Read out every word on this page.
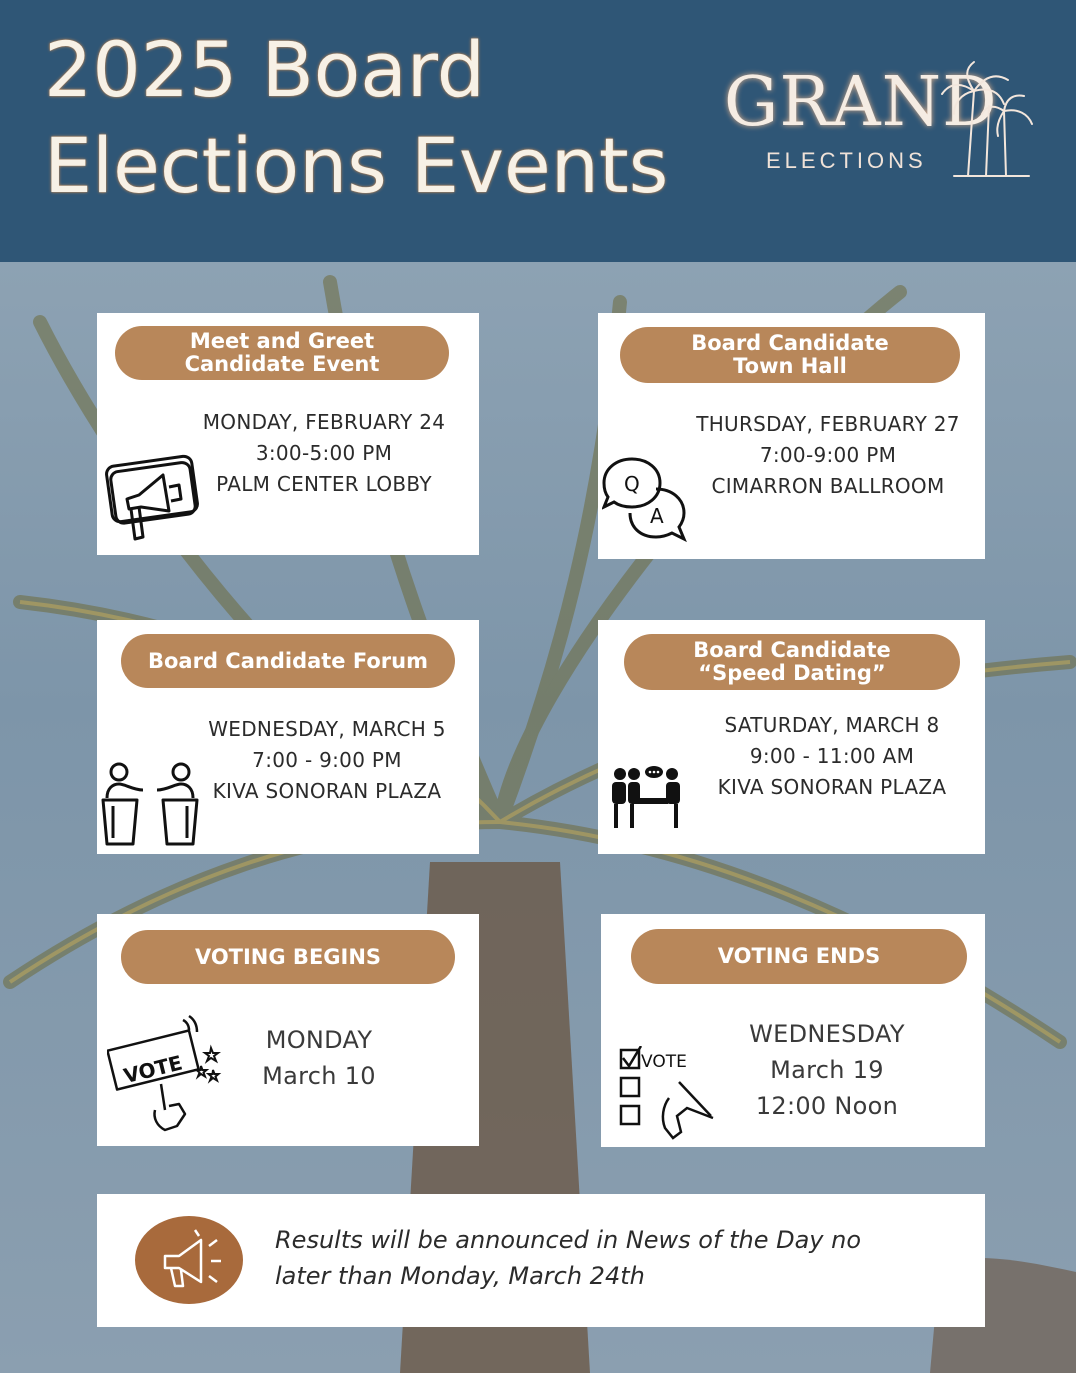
2025 Board
Elections Events
GRAND
ELECTIONS
Meet and Greet
Candidate Event
MONDAY, FEBRUARY 24
3:00-5:00 PM
PALM CENTER LOBBY
Board Candidate
Town Hall
THURSDAY, FEBRUARY 27
7:00-9:00 PM
CIMARRON BALLROOM
Q
A
Board Candidate Forum
WEDNESDAY, MARCH 5
7:00 - 9:00 PM
KIVA SONORAN PLAZA
Board Candidate
“Speed Dating”
SATURDAY, MARCH 8
9:00 - 11:00 AM
KIVA SONORAN PLAZA
VOTING BEGINS
MONDAY
March 10
VOTE
VOTING ENDS
WEDNESDAY
March 19
12:00 Noon
VOTE
Results will be announced in News of the Day no
later than Monday, March 24th
